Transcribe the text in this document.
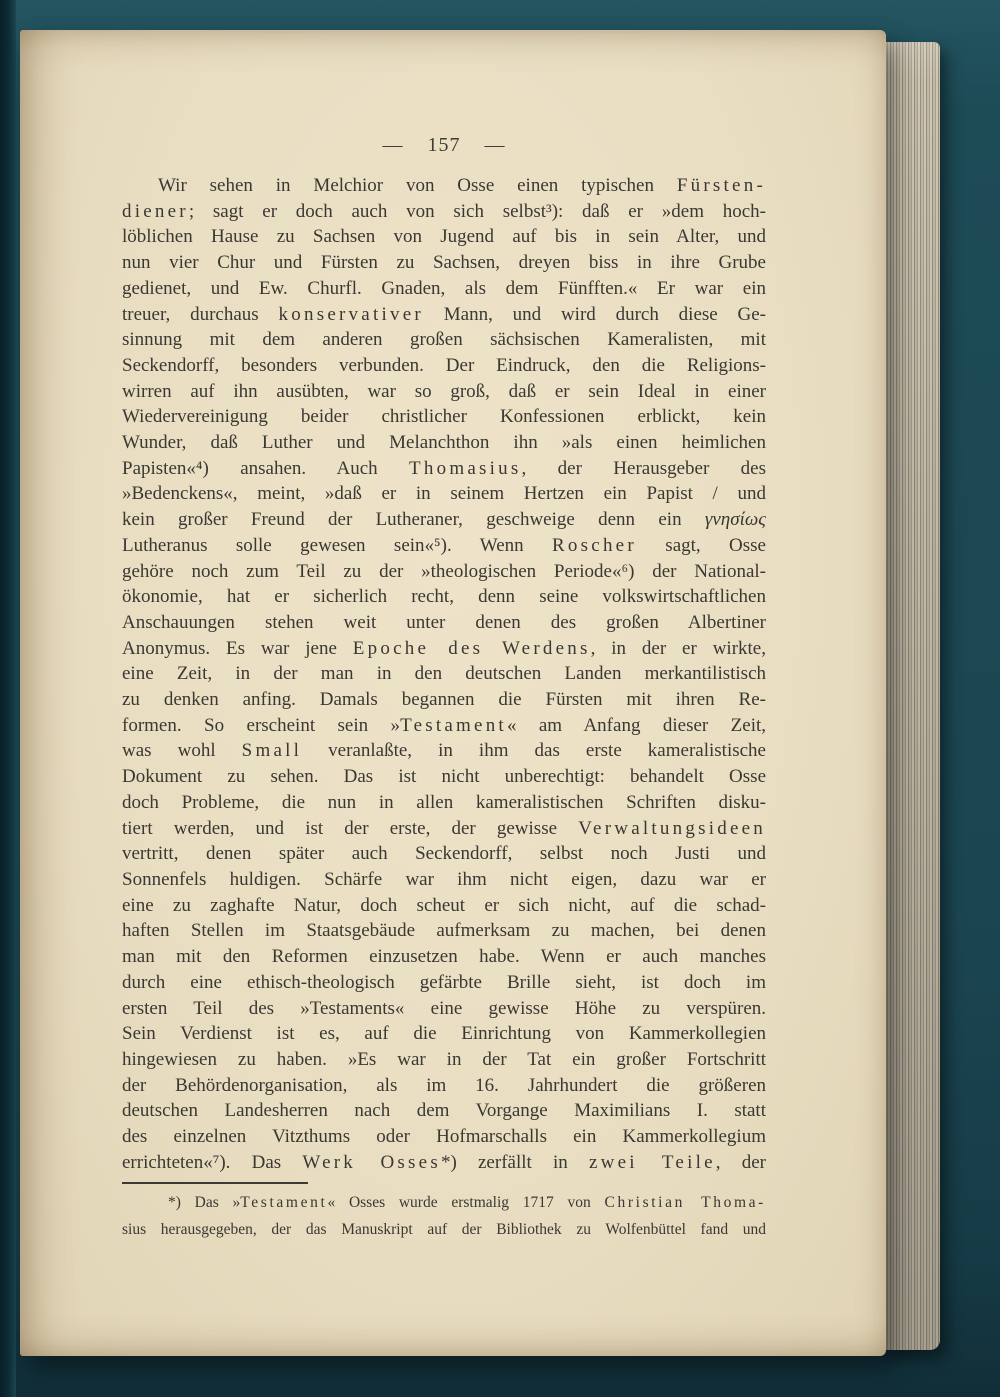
— 157 —
Wir sehen in Melchior von Osse einen typischen Fürsten-
diener; sagt er doch auch von sich selbst³): daß er »dem hoch-
löblichen Hause zu Sachsen von Jugend auf bis in sein Alter, und
nun vier Chur und Fürsten zu Sachsen, dreyen biss in ihre Grube
gedienet, und Ew. Churfl. Gnaden, als dem Fünfften.« Er war ein
treuer, durchaus konservativer Mann, und wird durch diese Ge-
sinnung mit dem anderen großen sächsischen Kameralisten, mit
Seckendorff, besonders verbunden. Der Eindruck, den die Religions-
wirren auf ihn ausübten, war so groß, daß er sein Ideal in einer
Wiedervereinigung beider christlicher Konfessionen erblickt, kein
Wunder, daß Luther und Melanchthon ihn »als einen heimlichen
Papisten«⁴) ansahen. Auch Thomasius, der Herausgeber des
»Bedenckens«, meint, »daß er in seinem Hertzen ein Papist / und
kein großer Freund der Lutheraner, geschweige denn ein γνησίως
Lutheranus solle gewesen sein«⁵). Wenn Roscher sagt, Osse
gehöre noch zum Teil zu der »theologischen Periode«⁶) der National-
ökonomie, hat er sicherlich recht, denn seine volkswirtschaftlichen
Anschauungen stehen weit unter denen des großen Albertiner
Anonymus. Es war jene Epoche des Werdens, in der er wirkte,
eine Zeit, in der man in den deutschen Landen merkantilistisch
zu denken anfing. Damals begannen die Fürsten mit ihren Re-
formen. So erscheint sein »Testament« am Anfang dieser Zeit,
was wohl Small veranlaßte, in ihm das erste kameralistische
Dokument zu sehen. Das ist nicht unberechtigt: behandelt Osse
doch Probleme, die nun in allen kameralistischen Schriften disku-
tiert werden, und ist der erste, der gewisse Verwaltungsideen
vertritt, denen später auch Seckendorff, selbst noch Justi und
Sonnenfels huldigen. Schärfe war ihm nicht eigen, dazu war er
eine zu zaghafte Natur, doch scheut er sich nicht, auf die schad-
haften Stellen im Staatsgebäude aufmerksam zu machen, bei denen
man mit den Reformen einzusetzen habe. Wenn er auch manches
durch eine ethisch-theologisch gefärbte Brille sieht, ist doch im
ersten Teil des »Testaments« eine gewisse Höhe zu verspüren.
Sein Verdienst ist es, auf die Einrichtung von Kammerkollegien
hingewiesen zu haben. »Es war in der Tat ein großer Fortschritt
der Behördenorganisation, als im 16. Jahrhundert die größeren
deutschen Landesherren nach dem Vorgange Maximilians I. statt
des einzelnen Vitzthums oder Hofmarschalls ein Kammerkollegium
errichteten«⁷). Das Werk Osses*) zerfällt in zwei Teile, der
*) Das »Testament« Osses wurde erstmalig 1717 von Christian Thoma-
sius herausgegeben, der das Manuskript auf der Bibliothek zu Wolfenbüttel fand und
